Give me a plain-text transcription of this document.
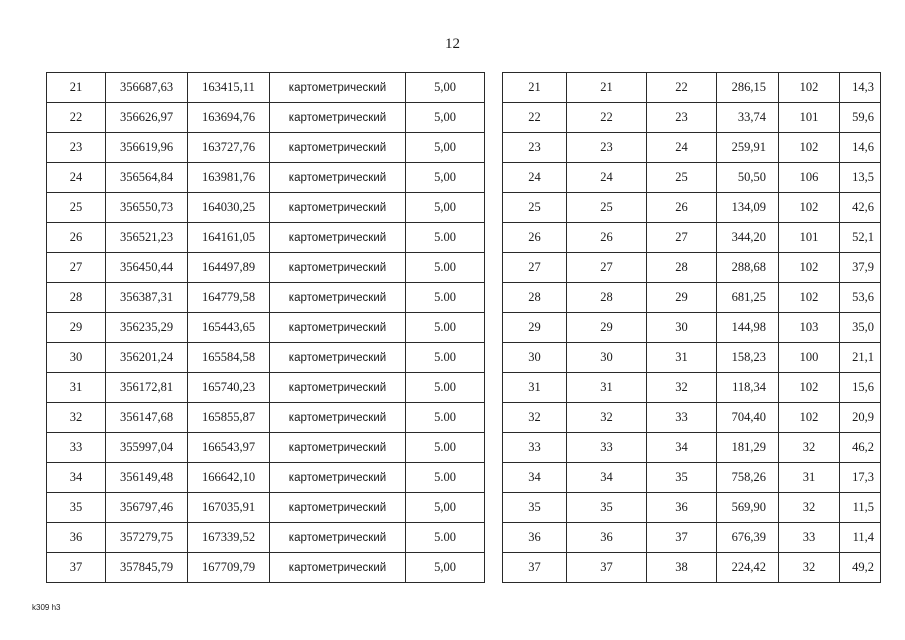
12
21	356687,63	163415,11	картометрический	5,00
22	356626,97	163694,76	картометрический	5,00
23	356619,96	163727,76	картометрический	5,00
24	356564,84	163981,76	картометрический	5,00
25	356550,73	164030,25	картометрический	5,00
26	356521,23	164161,05	картометрический	5.00
27	356450,44	164497,89	картометрический	5.00
28	356387,31	164779,58	картометрический	5.00
29	356235,29	165443,65	картометрический	5.00
30	356201,24	165584,58	картометрический	5.00
31	356172,81	165740,23	картометрический	5.00
32	356147,68	165855,87	картометрический	5.00
33	355997,04	166543,97	картометрический	5.00
34	356149,48	166642,10	картометрический	5.00
35	356797,46	167035,91	картометрический	5,00
36	357279,75	167339,52	картометрический	5.00
37	357845,79	167709,79	картометрический	5,00
21	21	22	286,15	102	14,3
22	22	23	33,74	101	59,6
23	23	24	259,91	102	14,6
24	24	25	50,50	106	13,5
25	25	26	134,09	102	42,6
26	26	27	344,20	101	52,1
27	27	28	288,68	102	37,9
28	28	29	681,25	102	53,6
29	29	30	144,98	103	35,0
30	30	31	158,23	100	21,1
31	31	32	118,34	102	15,6
32	32	33	704,40	102	20,9
33	33	34	181,29	32	46,2
34	34	35	758,26	31	17,3
35	35	36	569,90	32	11,5
36	36	37	676,39	33	11,4
37	37	38	224,42	32	49,2
k309 h3
